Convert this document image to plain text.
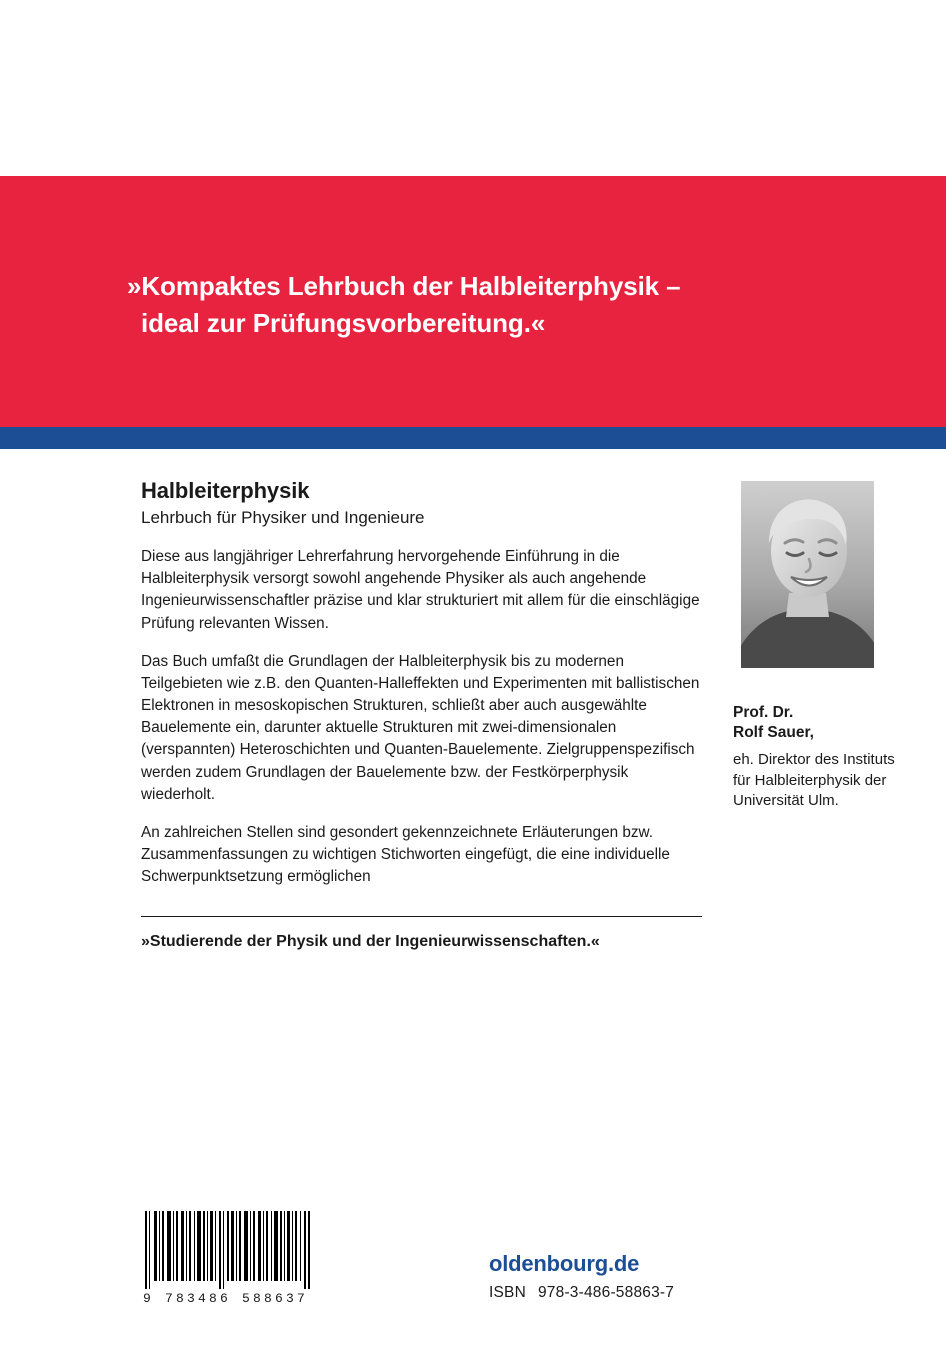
»Kompaktes Lehrbuch der Halbleiterphysik –
ideal zur Prüfungsvorbereitung.«
Halbleiterphysik
Lehrbuch für Physiker und Ingenieure

Diese aus langjähriger Lehrerfahrung hervorgehende Einführung in die Halbleiterphysik versorgt sowohl angehende Physiker als auch angehende Ingenieurwissenschaftler präzise und klar strukturiert mit allem für die einschlägige Prüfung relevanten Wissen.

Das Buch umfaßt die Grundlagen der Halbleiterphysik bis zu modernen Teilgebieten wie z.B. den Quanten-Halleffekten und Experimenten mit ballistischen Elektronen in mesoskopischen Strukturen, schließt aber auch ausgewählte Bauelemente ein, darunter aktuelle Strukturen mit zwei-dimensionalen (verspannten) Heteroschichten und Quanten-Bauelemente. Zielgruppenspezifisch werden zudem Grundlagen der Bauelemente bzw. der Festkörperphysik wiederholt.

An zahlreichen Stellen sind gesondert gekennzeichnete Erläuterungen bzw. Zusammenfassungen zu wichtigen Stichworten eingefügt, die eine individuelle Schwerpunktsetzung ermöglichen

»Studierende der Physik und der Ingenieurwissenschaften.«
Prof. Dr.
Rolf Sauer,
eh. Direktor des Instituts für Halbleiterphysik der Universität Ulm.
9 783486 588637
oldenbourg.de
ISBN 978-3-486-58863-7
